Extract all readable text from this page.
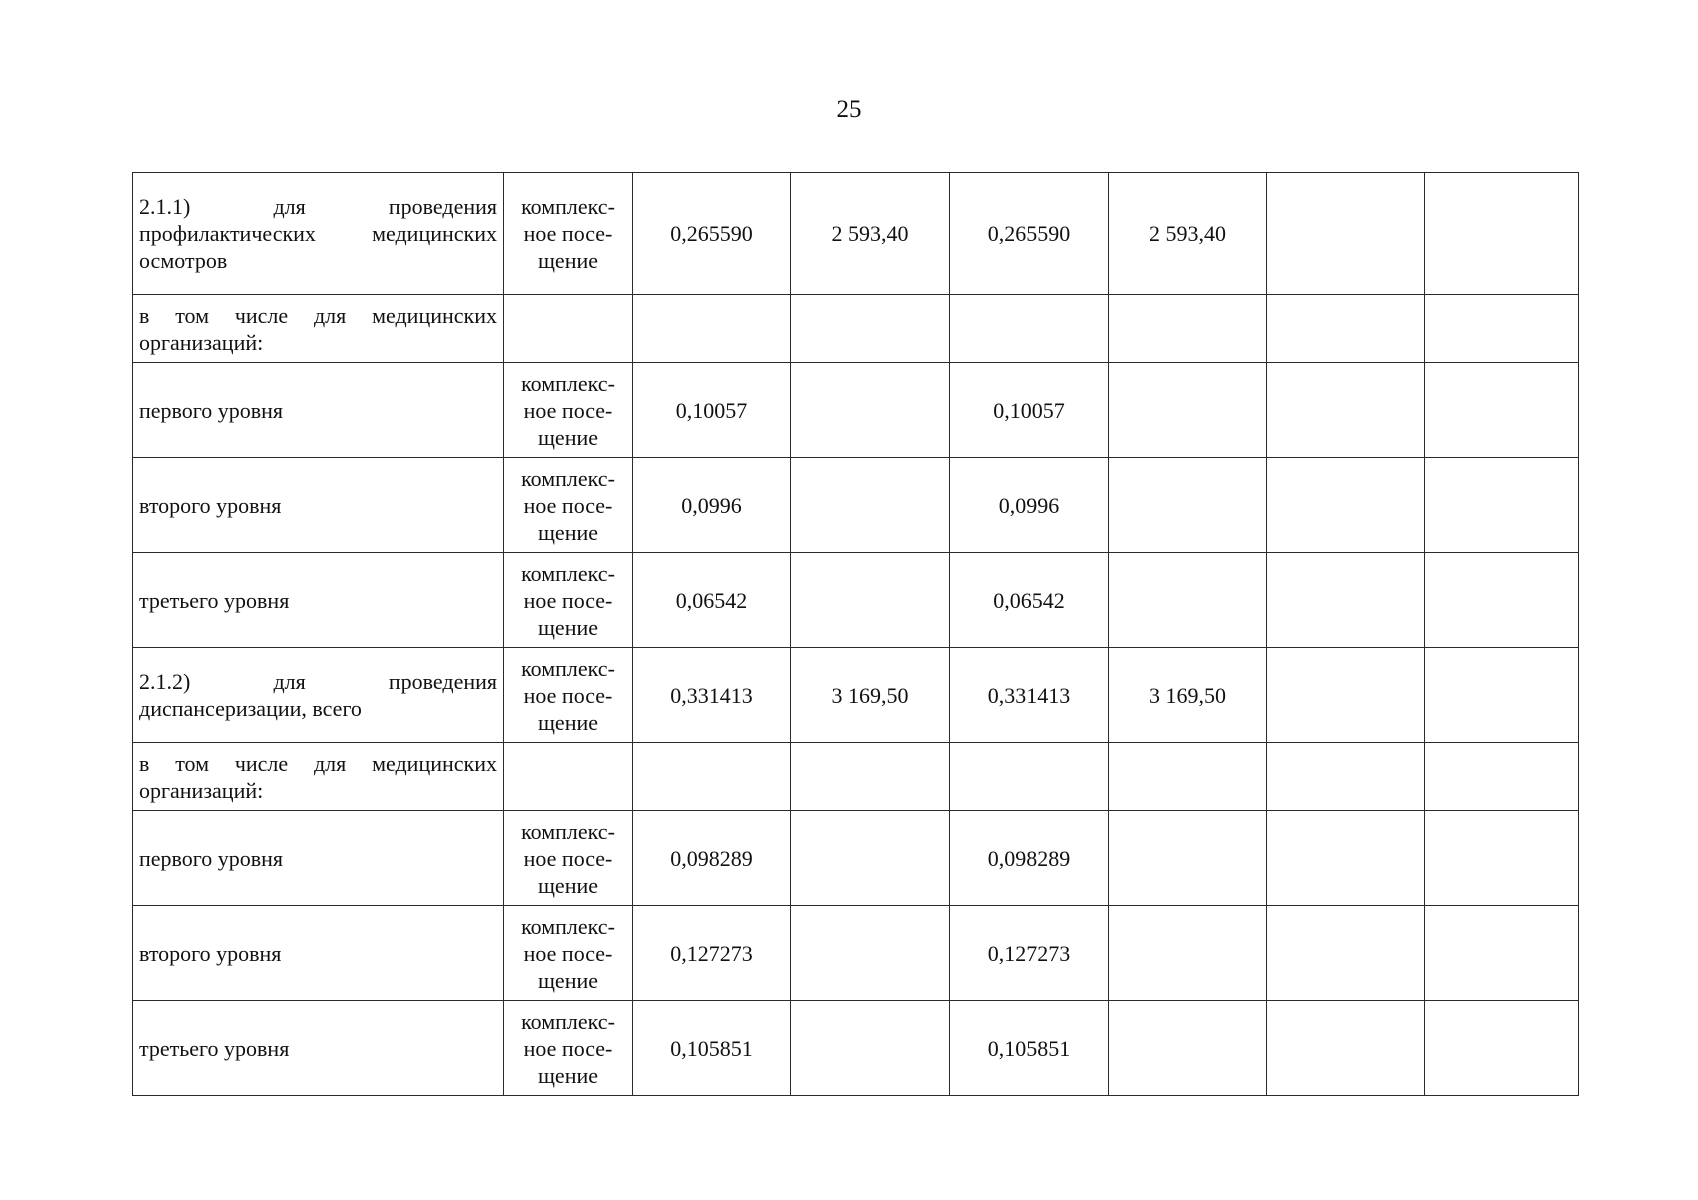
25
2.1.1) для проведения профилактических медицинских осмотров	комплекс-ное посе-щение	0,265590	2 593,40	0,265590	2 593,40		
в том числе для медицинских организаций:							
первого уровня	комплекс-ное посе-щение	0,10057		0,10057			
второго уровня	комплекс-ное посе-щение	0,0996		0,0996			
третьего уровня	комплекс-ное посе-щение	0,06542		0,06542			
2.1.2) для проведения диспансеризации, всего	комплекс-ное посе-щение	0,331413	3 169,50	0,331413	3 169,50		
в том числе для медицинских организаций:							
первого уровня	комплекс-ное посе-щение	0,098289		0,098289			
второго уровня	комплекс-ное посе-щение	0,127273		0,127273			
третьего уровня	комплекс-ное посе-щение	0,105851		0,105851			
